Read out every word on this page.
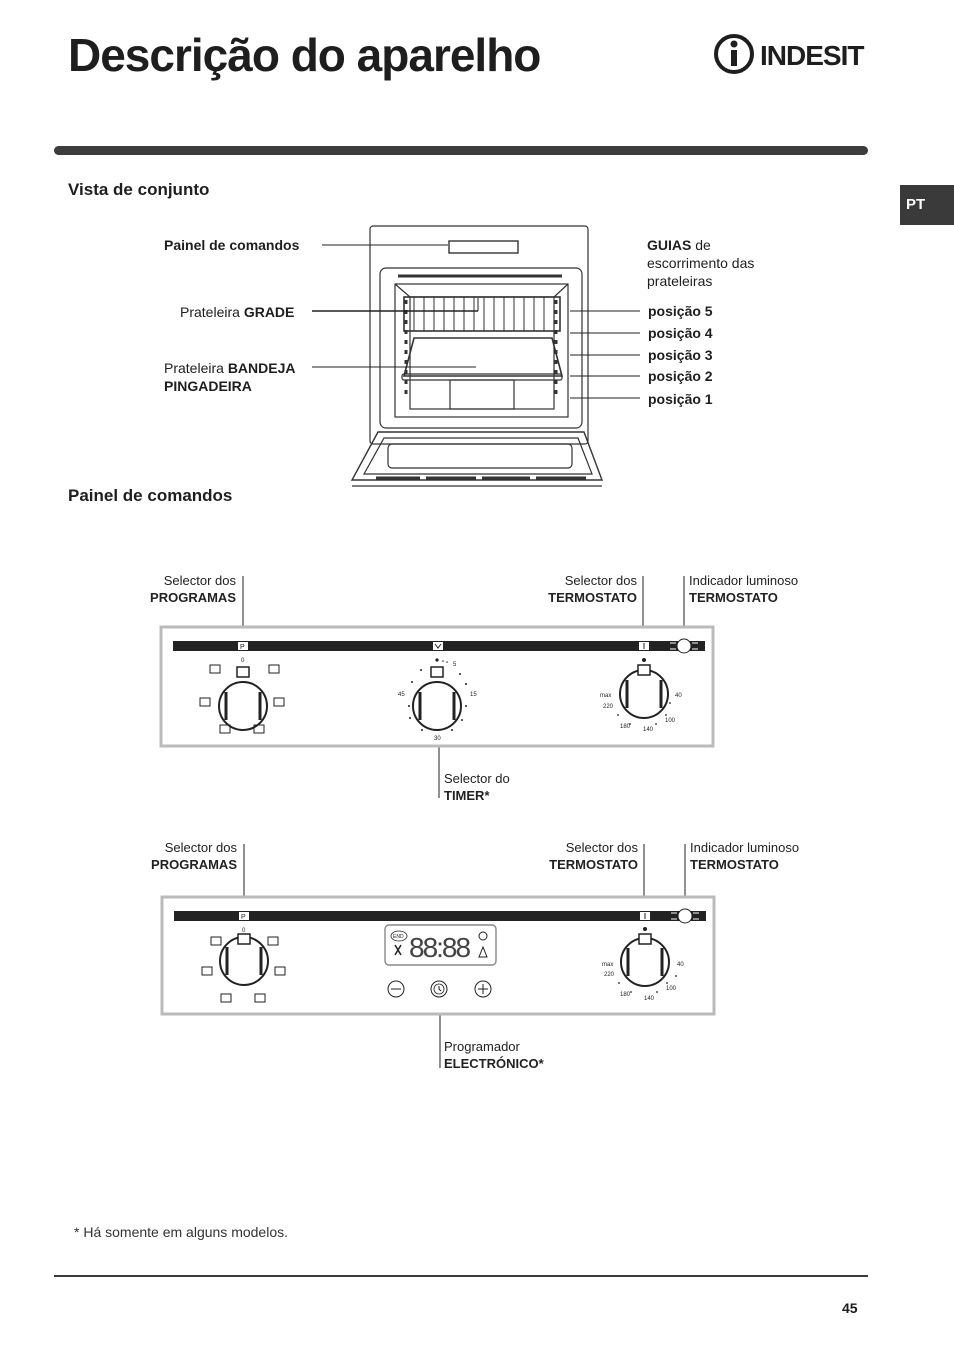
Descrição do aparelho	INDESIT
PT
Vista de conjunto
Painel de comandos
Prateleira GRADE
Prateleira BANDEJA
PINGADEIRA
GUIAS de
escorrimento das
prateleiras
posição 5
posição 4
posição 3
posição 2
posição 1
Painel de comandos
Selector dos
PROGRAMAS
Selector dos
TERMOSTATO
Indicador luminoso
TERMOSTATO
Selector do
TIMER*
P
0
5
15
30
45	max
220
180 140
100
40
Selector dos
PROGRAMAS
Selector dos
TERMOSTATO
Indicador luminoso
TERMOSTATO
Programador
ELECTRÓNICO*
P
0
END 88:88
max
220
180
140
100
40
* Há somente em alguns modelos.
45
